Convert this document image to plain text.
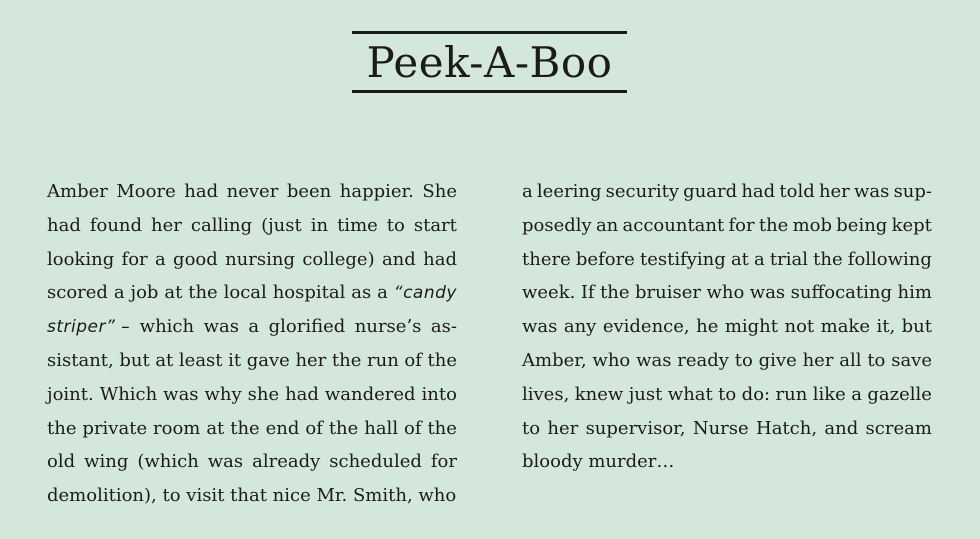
Peek-A-Boo
Amber Moore had never been happier. She
had found her calling (just in time to start
looking for a good nursing college) and had
scored a job at the local hospital as a “candy
striper” – which was a glorified nurse’s as-
sistant, but at least it gave her the run of the
joint. Which was why she had wandered into
the private room at the end of the hall of the
old wing (which was already scheduled for
demolition), to visit that nice Mr. Smith, who
a leering security guard had told her was sup-
posedly an accountant for the mob being kept
there before testifying at a trial the following
week. If the bruiser who was suffocating him
was any evidence, he might not make it, but
Amber, who was ready to give her all to save
lives, knew just what to do: run like a gazelle
to her supervisor, Nurse Hatch, and scream
bloody murder…
